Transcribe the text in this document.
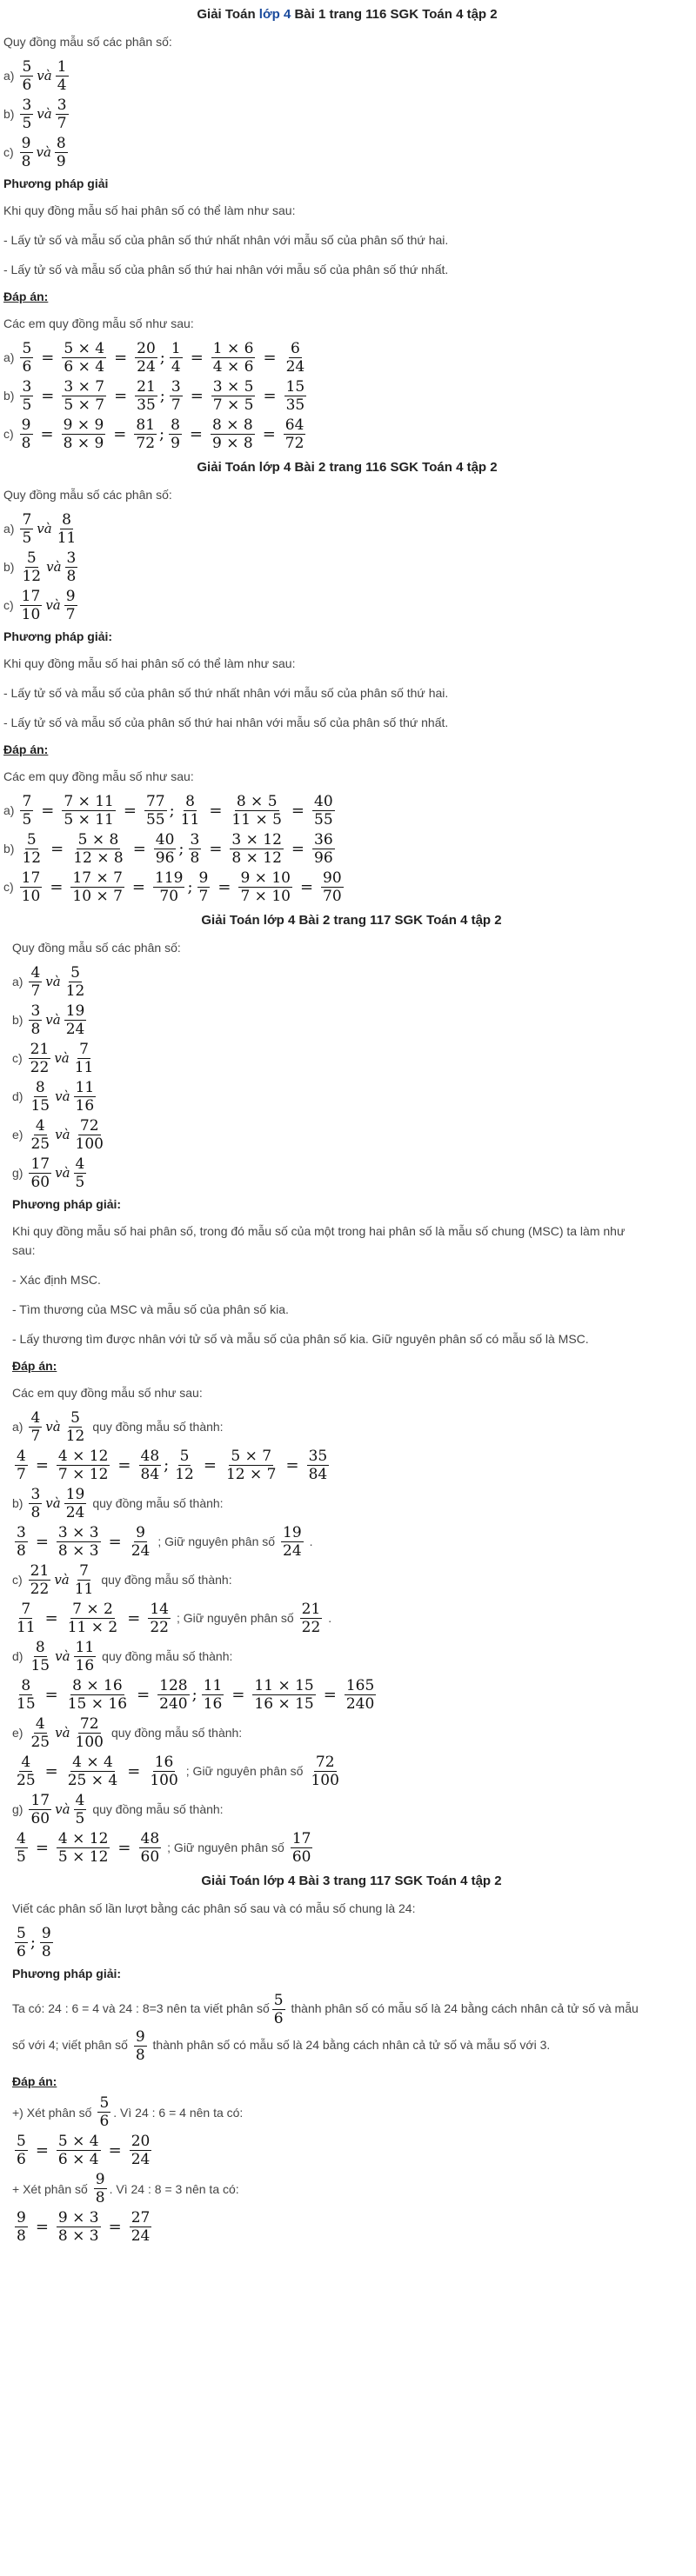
Giải Toán lớp 4 Bài 1 trang 116 SGK Toán 4 tập 2

Quy đồng mẫu số các phân số:

$a) \frac{5}{6}$ và $\frac{1}{4}$
$b) \frac{3}{5}$ và $\frac{3}{7}$
$c) \frac{9}{8}$ và $\frac{8}{9}$

Phương pháp giải

Khi quy đồng mẫu số hai phân số có thể làm như sau:

- Lấy tử số và mẫu số của phân số thứ nhất nhân với mẫu số của phân số thứ hai.

- Lấy tử số và mẫu số của phân số thứ hai nhân với mẫu số của phân số thứ nhất.

Đáp án:

Các em quy đồng mẫu số như sau:

$a) \frac{5}{6} = \frac{5 \times 4}{6 \times 4} = \frac{20}{24}$ ; $\frac{1}{4} = \frac{1 \times 6}{4 \times 6} = \frac{6}{24}$
$b) \frac{3}{5} = \frac{3 \times 7}{5 \times 7} = \frac{21}{35}$ ; $\frac{3}{7} = \frac{3 \times 5}{7 \times 5} = \frac{15}{35}$
$c) \frac{9}{8} = \frac{9 \times 9}{8 \times 9} = \frac{81}{72}$ ; $\frac{8}{9} = \frac{8 \times 8}{9 \times 8} = \frac{64}{72}$
Giải Toán lớp 4 Bài 2 trang 116 SGK Toán 4 tập 2

Quy đồng mẫu số các phân số:

$a) \frac{7}{5}$ và $\frac{8}{11}$
$b) \frac{5}{12}$ và $\frac{3}{8}$
$c) \frac{17}{10}$ và $\frac{9}{7}$

Phương pháp giải:

Khi quy đồng mẫu số hai phân số có thể làm như sau:

- Lấy tử số và mẫu số của phân số thứ nhất nhân với mẫu số của phân số thứ hai.

- Lấy tử số và mẫu số của phân số thứ hai nhân với mẫu số của phân số thứ nhất.

Đáp án:

Các em quy đồng mẫu số như sau:

$a) \frac{7}{5} = \frac{7 \times 11}{5 \times 11} = \frac{77}{55}$ ; $\frac{8}{11} = \frac{8 \times 5}{11 \times 5} = \frac{40}{55}$
$b) \frac{5}{12} = \frac{5 \times 8}{12 \times 8} = \frac{40}{96}$ ; $\frac{3}{8} = \frac{3 \times 12}{8 \times 12} = \frac{36}{96}$
$c) \frac{17}{10} = \frac{17 \times 7}{10 \times 7} = \frac{119}{70}$ ; $\frac{9}{7} = \frac{9 \times 10}{7 \times 10} = \frac{90}{70}$
Giải Toán lớp 4 Bài 2 trang 117 SGK Toán 4 tập 2

Quy đồng mẫu số các phân số:

$a) \frac{4}{7}$ và $\frac{5}{12}$
$b) \frac{3}{8}$ và $\frac{19}{24}$
$c) \frac{21}{22}$ và $\frac{7}{11}$
$d) \frac{8}{15}$ và $\frac{11}{16}$
$e) \frac{4}{25}$ và $\frac{72}{100}$
$g) \frac{17}{60}$ và $\frac{4}{5}$

Phương pháp giải:

Khi quy đồng mẫu số hai phân số, trong đó mẫu số của một trong hai phân số là mẫu số chung (MSC) ta làm như sau:

- Xác định MSC.

- Tìm thương của MSC và mẫu số của phân số kia.

- Lấy thương tìm được nhân với tử số và mẫu số của phân số kia. Giữ nguyên phân số có mẫu số là MSC.

Đáp án:

Các em quy đồng mẫu số như sau:

$a) \frac{4}{7}$ và $\frac{5}{12}$ quy đồng mẫu số thành:
$\frac{4}{7} = \frac{4 \times 12}{7 \times 12} = \frac{48}{84}$ ; $\frac{5}{12} = \frac{5 \times 7}{12 \times 7} = \frac{35}{84}$
$b) \frac{3}{8}$ và $\frac{19}{24}$ quy đồng mẫu số thành:
$\frac{3}{8} = \frac{3 \times 3}{8 \times 3} = \frac{9}{24}$ ; Giữ nguyên phân số $\frac{19}{24}$ .
$c) \frac{21}{22}$ và $\frac{7}{11}$ quy đồng mẫu số thành:
$\frac{7}{11} = \frac{7 \times 2}{11 \times 2} = \frac{14}{22}$ ; Giữ nguyên phân số $\frac{21}{22}$ .
$d) \frac{8}{15}$ và $\frac{11}{16}$ quy đồng mẫu số thành:
$\frac{8}{15} = \frac{8 \times 16}{15 \times 16} = \frac{128}{240}$ ; $\frac{11}{16} = \frac{11 \times 15}{16 \times 15} = \frac{165}{240}$
$e) \frac{4}{25}$ và $\frac{72}{100}$ quy đồng mẫu số thành:
$\frac{4}{25} = \frac{4 \times 4}{25 \times 4} = \frac{16}{100}$ ; Giữ nguyên phân số $\frac{72}{100}$
$g) \frac{17}{60}$ và $\frac{4}{5}$ quy đồng mẫu số thành:
$\frac{4}{5} = \frac{4 \times 12}{5 \times 12} = \frac{48}{60}$ ; Giữ nguyên phân số $\frac{17}{60}$
Giải Toán lớp 4 Bài 3 trang 117 SGK Toán 4 tập 2

Viết các phân số lần lượt bằng các phân số sau và có mẫu số chung là 24:

$\frac{5}{6}$ ; $\frac{9}{8}$

Phương pháp giải:

Ta có: 24 : 6 = 4 và 24 : 8=3 nên ta viết phân số $\frac{5}{6}$ thành phân số có mẫu số là 24 bằng cách nhân cả tử số và mẫu số với 4; viết phân số $\frac{9}{8}$ thành phân số có mẫu số là 24 bằng cách nhân cả tử số và mẫu số với 3.

Đáp án:

+) Xét phân số $\frac{5}{6}$ . Vì 24 : 6 = 4 nên ta có:
$\frac{5}{6} = \frac{5 \times 4}{6 \times 4} = \frac{20}{24}$
+ Xét phân số $\frac{9}{8}$ . Vì 24 : 8 = 3 nên ta có:
$\frac{9}{8} = \frac{9 \times 3}{8 \times 3} = \frac{27}{24}$
